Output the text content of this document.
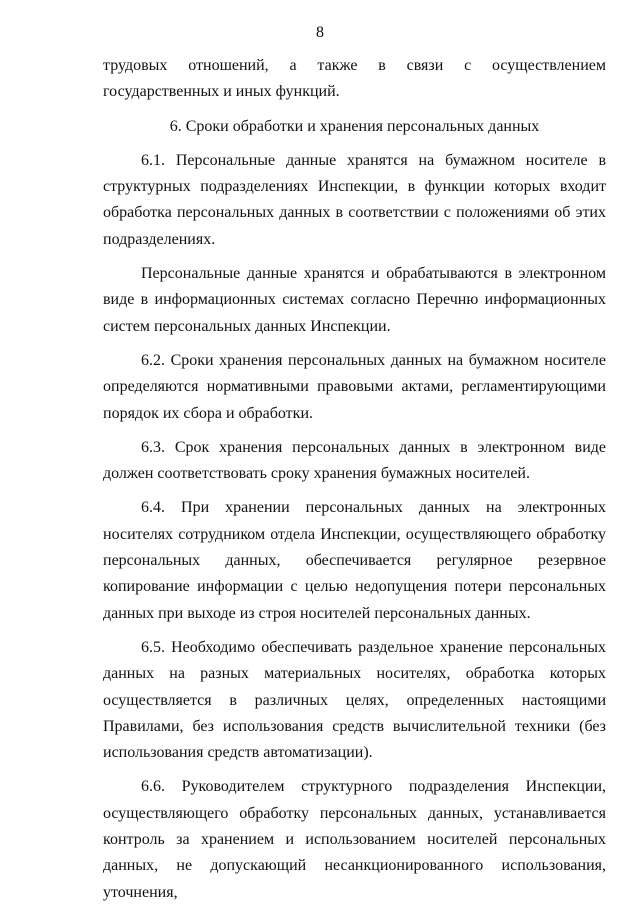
8

трудовых отношений, а также в связи с осуществлением государственных и иных функций.

6. Сроки обработки и хранения персональных данных

6.1. Персональные данные хранятся на бумажном носителе в структурных подразделениях Инспекции, в функции которых входит обработка персональных данных в соответствии с положениями об этих подразделениях.

Персональные данные хранятся и обрабатываются в электронном виде в информационных системах согласно Перечню информационных систем персональных данных Инспекции.

6.2. Сроки хранения персональных данных на бумажном носителе определяются нормативными правовыми актами, регламентирующими порядок их сбора и обработки.

6.3. Срок хранения персональных данных в электронном виде должен соответствовать сроку хранения бумажных носителей.

6.4. При хранении персональных данных на электронных носителях сотрудником отдела Инспекции, осуществляющего обработку персональных данных, обеспечивается регулярное резервное копирование информации с целью недопущения потери персональных данных при выходе из строя носителей персональных данных.

6.5. Необходимо обеспечивать раздельное хранение персональных данных на разных материальных носителях, обработка которых осуществляется в различных целях, определенных настоящими Правилами, без использования средств вычислительной техники (без использования средств автоматизации).

6.6. Руководителем структурного подразделения Инспекции, осуществляющего обработку персональных данных, устанавливается контроль за хранением и использованием носителей персональных данных, не допускающий несанкционированного использования, уточнения,
